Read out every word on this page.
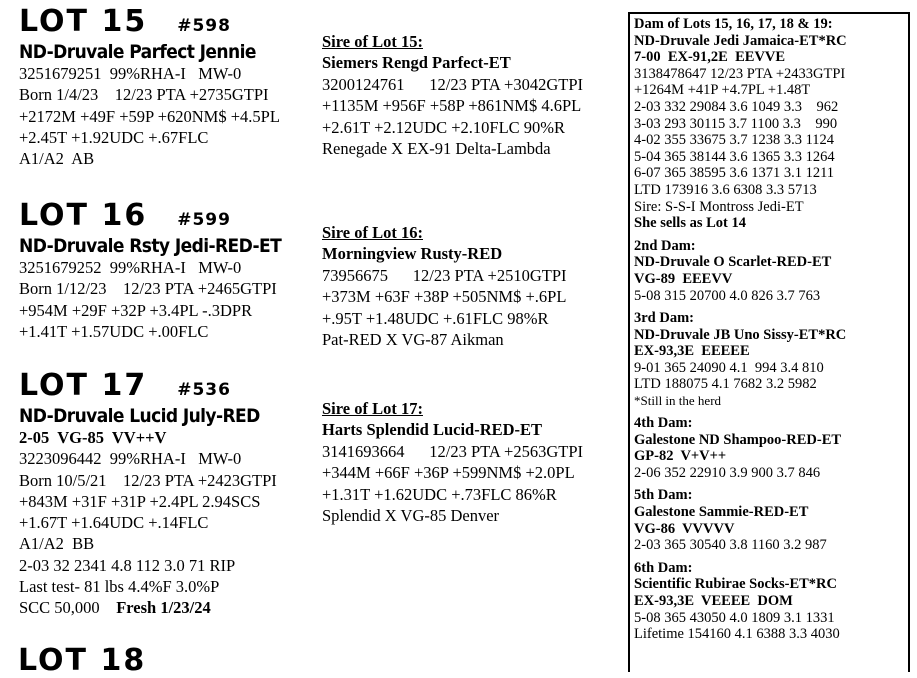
LOT 15 #598
ND-Druvale Parfect Jennie
3251679251  99%RHA-I   MW-0
Born 1/4/23    12/23 PTA +2735GTPI
+2172M +49F +59P +620NM$ +4.5PL
+2.45T +1.92UDC +.67FLC
A1/A2  AB
LOT 16 #599
ND-Druvale Rsty Jedi-RED-ET
3251679252  99%RHA-I   MW-0
Born 1/12/23    12/23 PTA +2465GTPI
+954M +29F +32P +3.4PL -.3DPR
+1.41T +1.57UDC +.00FLC
LOT 17 #536
ND-Druvale Lucid July-RED
2-05  VG-85  VV++V
3223096442  99%RHA-I   MW-0
Born 10/5/21    12/23 PTA +2423GTPI
+843M +31F +31P +2.4PL 2.94SCS
+1.67T +1.64UDC +.14FLC
A1/A2  BB
2-03 32 2341 4.8 112 3.0 71 RIP
Last test- 81 lbs 4.4%F 3.0%P
SCC 50,000 Fresh 1/23/24
LOT 18
Sire of Lot 15:
Siemers Rengd Parfect-ET
3200124761      12/23 PTA +3042GTPI
+1135M +956F +58P +861NM$ 4.6PL
+2.61T +2.12UDC +2.10FLC 90%R
Renegade X EX-91 Delta-Lambda
Sire of Lot 16:
Morningview Rusty-RED
73956675      12/23 PTA +2510GTPI
+373M +63F +38P +505NM$ +.6PL
+.95T +1.48UDC +.61FLC 98%R
Pat-RED X VG-87 Aikman
Sire of Lot 17:
Harts Splendid Lucid-RED-ET
3141693664      12/23 PTA +2563GTPI
+344M +66F +36P +599NM$ +2.0PL
+1.31T +1.62UDC +.73FLC 86%R
Splendid X VG-85 Denver
Dam of Lots 15, 16, 17, 18 & 19:
ND-Druvale Jedi Jamaica-ET*RC
7-00  EX-91,2E  EEVVE
3138478647 12/23 PTA +2433GTPI
+1264M +41P +4.7PL +1.48T
2-03 332 29084 3.6 1049 3.3    962
3-03 293 30115 3.7 1100 3.3    990
4-02 355 33675 3.7 1238 3.3 1124
5-04 365 38144 3.6 1365 3.3 1264
6-07 365 38595 3.6 1371 3.1 1211
LTD 173916 3.6 6308 3.3 5713
Sire: S-S-I Montross Jedi-ET
She sells as Lot 14
2nd Dam:
ND-Druvale O Scarlet-RED-ET
VG-89  EEEVV
5-08 315 20700 4.0 826 3.7 763
3rd Dam:
ND-Druvale JB Uno Sissy-ET*RC
EX-93,3E  EEEEE
9-01 365 24090 4.1  994 3.4 810
LTD 188075 4.1 7682 3.2 5982
*Still in the herd
4th Dam:
Galestone ND Shampoo-RED-ET
GP-82  V+V++
2-06 352 22910 3.9 900 3.7 846
5th Dam:
Galestone Sammie-RED-ET
VG-86  VVVVV
2-03 365 30540 3.8 1160 3.2 987
6th Dam:
Scientific Rubirae Socks-ET*RC
EX-93,3E  VEEEE  DOM
5-08 365 43050 4.0 1809 3.1 1331
Lifetime 154160 4.1 6388 3.3 4030
